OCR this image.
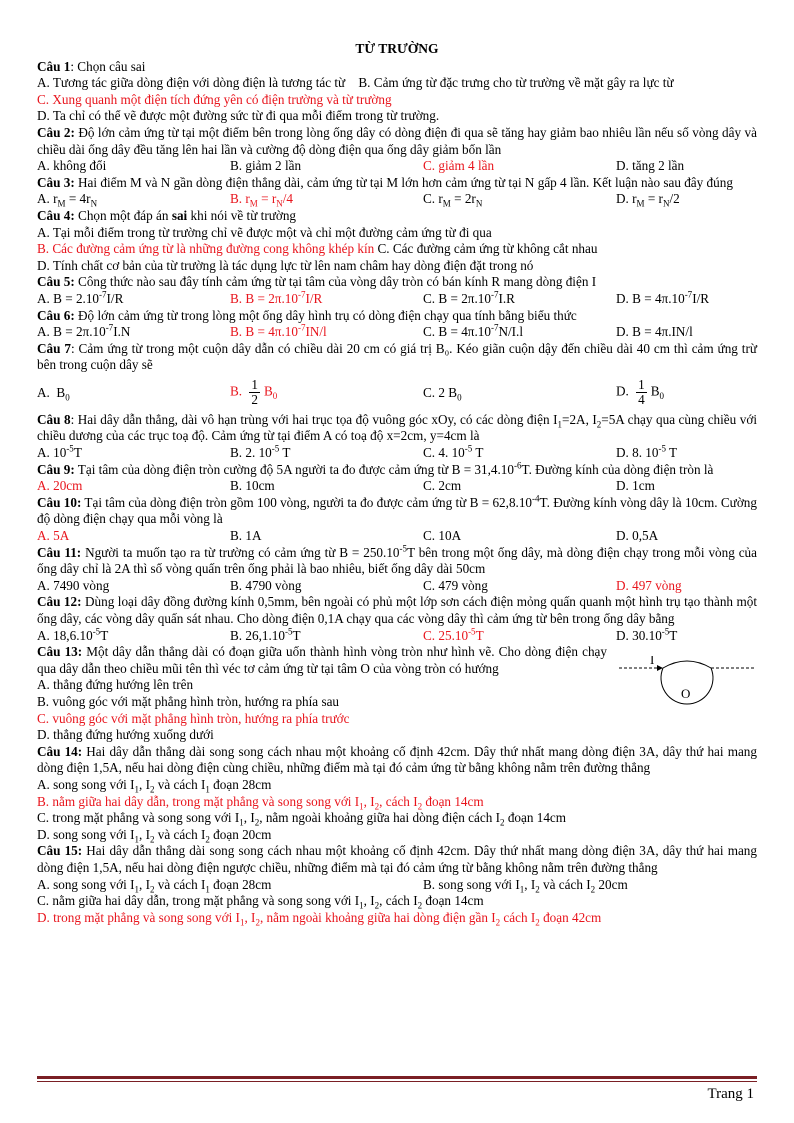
TỪ TRƯỜNG

Câu 1: Chọn câu sai

A. Tương tác giữa dòng điện với dòng điện là tương tác từ B. Cảm ứng từ đặc trưng cho từ trường về mặt gây ra lực từ

C. Xung quanh một điện tích đứng yên có điện trường và từ trường

D. Ta chỉ có thể vẽ được một đường sức từ đi qua mỗi điểm trong từ trường.

Câu 2: Độ lớn cảm ứng từ tại một điểm bên trong lòng ống dây có dòng điện đi qua sẽ tăng hay giảm bao nhiêu lần nếu số vòng dây và chiều dài ống dây đều tăng lên hai lần và cường độ dòng điện qua ống dây giảm bốn lần

A. không đổi	B. giảm 2 lần	C. giảm 4 lần	D. tăng 2 lần

Câu 3: Hai điểm M và N gần dòng điện thẳng dài, cảm ứng từ tại M lớn hơn cảm ứng từ tại N gấp 4 lần. Kết luận nào sau đây đúng

A. $r_M = 4r_N$	B. $r_M = r_N/4$	C. $r_M = 2r_N$	D. $r_M = r_N/2$

Câu 4: Chọn một đáp án sai khi nói về từ trường

A. Tại mỗi điểm trong từ trường chỉ vẽ được một và chỉ một đường cảm ứng từ đi qua

B. Các đường cảm ứng từ là những đường cong không khép kín C. Các đường cảm ứng từ không cắt nhau

D. Tính chất cơ bản của từ trường là tác dụng lực từ lên nam châm hay dòng điện đặt trong nó

Câu 5: Công thức nào sau đây tính cảm ứng từ tại tâm của vòng dây tròn có bán kính R mang dòng điện I

A. $B = 2.10^{-7}I/R$	B. $B = 2\pi.10^{-7}I/R$	C. $B = 2\pi.10^{-7}I.R$	D. $B = 4\pi.10^{-7}I/R$

Câu 6: Độ lớn cảm ứng từ trong lòng một ống dây hình trụ có dòng điện chạy qua tính bằng biểu thức

A. $B = 2\pi.10^{-7}I.N$	B. $B = 4\pi.10^{-7}IN/l$	C. $B = 4\pi.10^{-7}N/I.l$	D. B = 4π.IN/l

Câu 7: Cảm ứng từ trong một cuộn dây dẫn có chiều dài 20 cm có giá trị B₀. Kéo giãn cuộn dậy đến chiều dài 40 cm thì cảm ứng trừ bên trong cuộn dây sẽ

A.  $B_0$	B. $\frac{1}{2} B_0$	C. 2 $B_0$	D. $\frac{1}{4} B_0$

Câu 8: Hai dây dẫn thẳng, dài vô hạn trùng với hai trục tọa độ vuông góc xOy, có các dòng điện $I_1=2A$, $I_2=5A$ chạy qua cùng chiều với chiều dương của các trục toạ độ. Cảm ứng từ tại điểm A có toạ độ x=2cm, y=4cm là

A. $10^{-5}T$	B. 2. $10^{-5}$ T	C. 4. $10^{-5}$ T	D. 8. $10^{-5}$ T

Câu 9: Tại tâm của dòng điện tròn cường độ 5A người ta đo được cảm ứng từ $B = 31,4.10^{-6}T$. Đường kính của dòng điện tròn là

A. 20cm	B. 10cm	C. 2cm	D. 1cm

Câu 10: Tại tâm của dòng điện tròn gồm 100 vòng, người ta đo được cảm ứng từ $B = 62,8.10^{-4}T$. Đường kính vòng dây là 10cm. Cường độ dòng điện chạy qua mỗi vòng là

A. 5A	B. 1A	C. 10A	D. 0,5A

Câu 11: Người ta muốn tạo ra từ trường có cảm ứng từ $B = 250.10^{-5}T$ bên trong một ống dây, mà dòng điện chạy trong mỗi vòng của ống dây chỉ là 2A thì số vòng quấn trên ống phải là bao nhiêu, biết ống dây dài 50cm

A. 7490 vòng	B. 4790 vòng	C. 479 vòng	D. 497 vòng

Câu 12: Dùng loại dây đồng đường kính 0,5mm, bên ngoài có phủ một lớp sơn cách điện mỏng quấn quanh một hình trụ tạo thành một ống dây, các vòng dây quấn sát nhau. Cho dòng điện 0,1A chạy qua các vòng dây thì cảm ứng từ bên trong ống dây bằng

A. $18,6.10^{-5}T$	B. $26,1.10^{-5}T$	C. $25.10^{-5}T$	D. $30.10^{-5}T$

Câu 13: Một dây dẫn thẳng dài có đoạn giữa uốn thành hình vòng tròn như hình vẽ. Cho dòng điện chạy qua dây dẫn theo chiều mũi tên thì véc tơ cảm ứng từ tại tâm O của vòng tròn có hướng

A. thẳng đứng hướng lên trên

B. vuông góc với mặt phẳng hình tròn, hướng ra phía sau

C. vuông góc với mặt phẳng hình tròn, hướng ra phía trước

D. thẳng đứng hướng xuống dưới

I
O

Câu 14: Hai dây dẫn thẳng dài song song cách nhau một khoảng cố định 42cm. Dây thứ nhất mang dòng điện 3A, dây thứ hai mang dòng điện 1,5A, nếu hai dòng điện cùng chiều, những điểm mà tại đó cảm ứng từ bằng không nằm trên đường thẳng

A. song song với $I_1$, $I_2$ và cách $I_1$ đoạn 28cm

B. nằm giữa hai dây dẫn, trong mặt phẳng và song song với $I_1$, $I_2$, cách $I_2$ đoạn 14cm

C. trong mặt phẳng và song song với $I_1$, $I_2$, nằm ngoài khoảng giữa hai dòng điện cách $I_2$ đoạn 14cm

D. song song với $I_1$, $I_2$ và cách $I_2$ đoạn 20cm

Câu 15: Hai dây dẫn thẳng dài song song cách nhau một khoảng cố định 42cm. Dây thứ nhất mang dòng điện 3A, dây thứ hai mang dòng điện 1,5A, nếu hai dòng điện ngược chiều, những điểm mà tại đó cảm ứng từ bằng không nằm trên đường thẳng

A. song song với $I_1$, $I_2$ và cách $I_1$ đoạn 28cm	B. song song với $I_1$, $I_2$ và cách $I_2$ 20cm

C. nằm giữa hai dây dẫn, trong mặt phẳng và song song với $I_1$, $I_2$, cách $I_2$ đoạn 14cm

D. trong mặt phẳng và song song với $I_1$, $I_2$, nằm ngoài khoảng giữa hai dòng điện gần $I_2$ cách $I_2$ đoạn 42cm

Trang 1
